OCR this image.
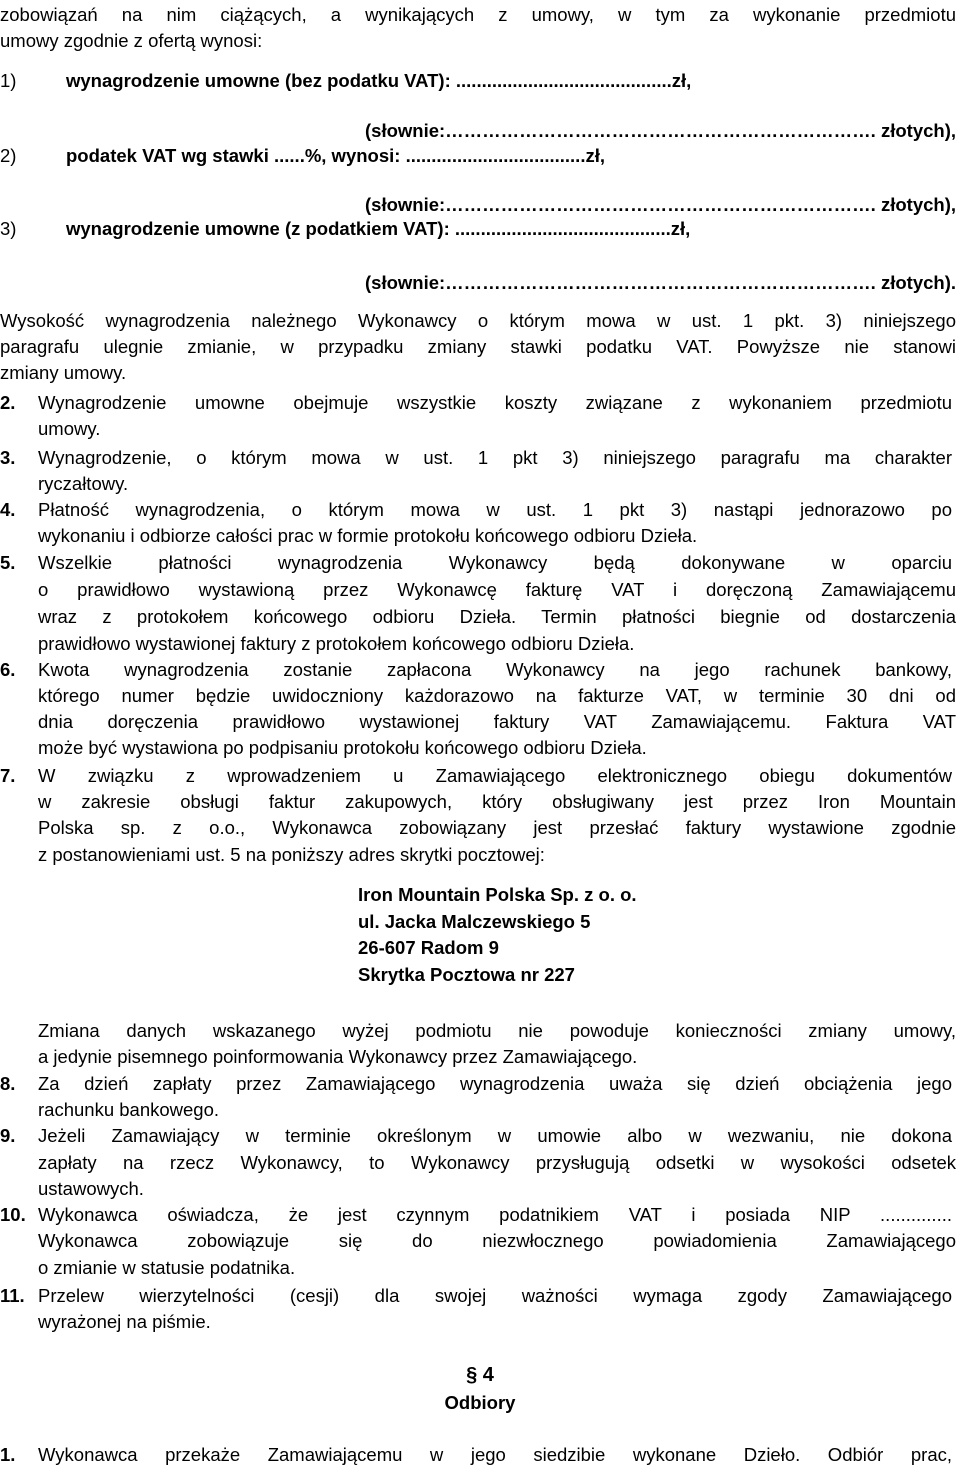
zobowiązań na nim ciążących, a wynikających z umowy, w tym za wykonanie przedmiotu
umowy zgodnie z ofertą wynosi:
1)	wynagrodzenie umowne (bez podatku VAT): ..........................................zł,
(słownie:……………………………………………………………. złotych),
2)	podatek VAT wg stawki ......%, wynosi: ...................................zł,
(słownie:……………………………………………………………. złotych),
3)	wynagrodzenie umowne (z podatkiem VAT): ..........................................zł,
(słownie:……………………………………………………………. złotych).
Wysokość wynagrodzenia należnego Wykonawcy o którym mowa w ust. 1 pkt. 3) niniejszego
paragrafu ulegnie zmianie, w przypadku zmiany stawki podatku VAT. Powyższe nie stanowi
zmiany umowy.
2. Wynagrodzenie umowne obejmuje wszystkie koszty związane z wykonaniem przedmiotu
umowy.
3. Wynagrodzenie, o którym mowa w ust. 1 pkt 3) niniejszego paragrafu ma charakter
ryczałtowy.
4. Płatność wynagrodzenia, o którym mowa w ust. 1 pkt 3) nastąpi jednorazowo po
wykonaniu i odbiorze całości prac w formie protokołu końcowego odbioru Dzieła.
5. Wszelkie płatności wynagrodzenia Wykonawcy będą dokonywane w oparciu
o prawidłowo wystawioną przez Wykonawcę fakturę VAT i doręczoną Zamawiającemu
wraz z protokołem końcowego odbioru Dzieła. Termin płatności biegnie od dostarczenia
prawidłowo wystawionej faktury z protokołem końcowego odbioru Dzieła.
6. Kwota wynagrodzenia zostanie zapłacona Wykonawcy na jego rachunek bankowy,
którego numer będzie uwidoczniony każdorazowo na fakturze VAT, w terminie 30 dni od
dnia doręczenia prawidłowo wystawionej faktury VAT Zamawiającemu. Faktura VAT
może być wystawiona po podpisaniu protokołu końcowego odbioru Dzieła.
7. W związku z wprowadzeniem u Zamawiającego elektronicznego obiegu dokumentów
w zakresie obsługi faktur zakupowych, który obsługiwany jest przez Iron Mountain
Polska sp. z o.o., Wykonawca zobowiązany jest przesłać faktury wystawione zgodnie
z postanowieniami ust. 5 na poniższy adres skrytki pocztowej:
Iron Mountain Polska Sp. z o. o.
ul. Jacka Malczewskiego 5
26-607 Radom 9
Skrytka Pocztowa nr 227
Zmiana danych wskazanego wyżej podmiotu nie powoduje konieczności zmiany umowy,
a jedynie pisemnego poinformowania Wykonawcy przez Zamawiającego.
8. Za dzień zapłaty przez Zamawiającego wynagrodzenia uważa się dzień obciążenia jego
rachunku bankowego.
9. Jeżeli Zamawiający w terminie określonym w umowie albo w wezwaniu, nie dokona
zapłaty na rzecz Wykonawcy, to Wykonawcy przysługują odsetki w wysokości odsetek
ustawowych.
10. Wykonawca oświadcza, że jest czynnym podatnikiem VAT i posiada NIP ..............
Wykonawca zobowiązuje się do niezwłocznego powiadomienia Zamawiającego
o zmianie w statusie podatnika.
11. Przelew wierzytelności (cesji) dla swojej ważności wymaga zgody Zamawiającego
wyrażonej na piśmie.
§ 4
Odbiory
1. Wykonawca przekaże Zamawiającemu w jego siedzibie wykonane Dzieło. Odbiór prac,
